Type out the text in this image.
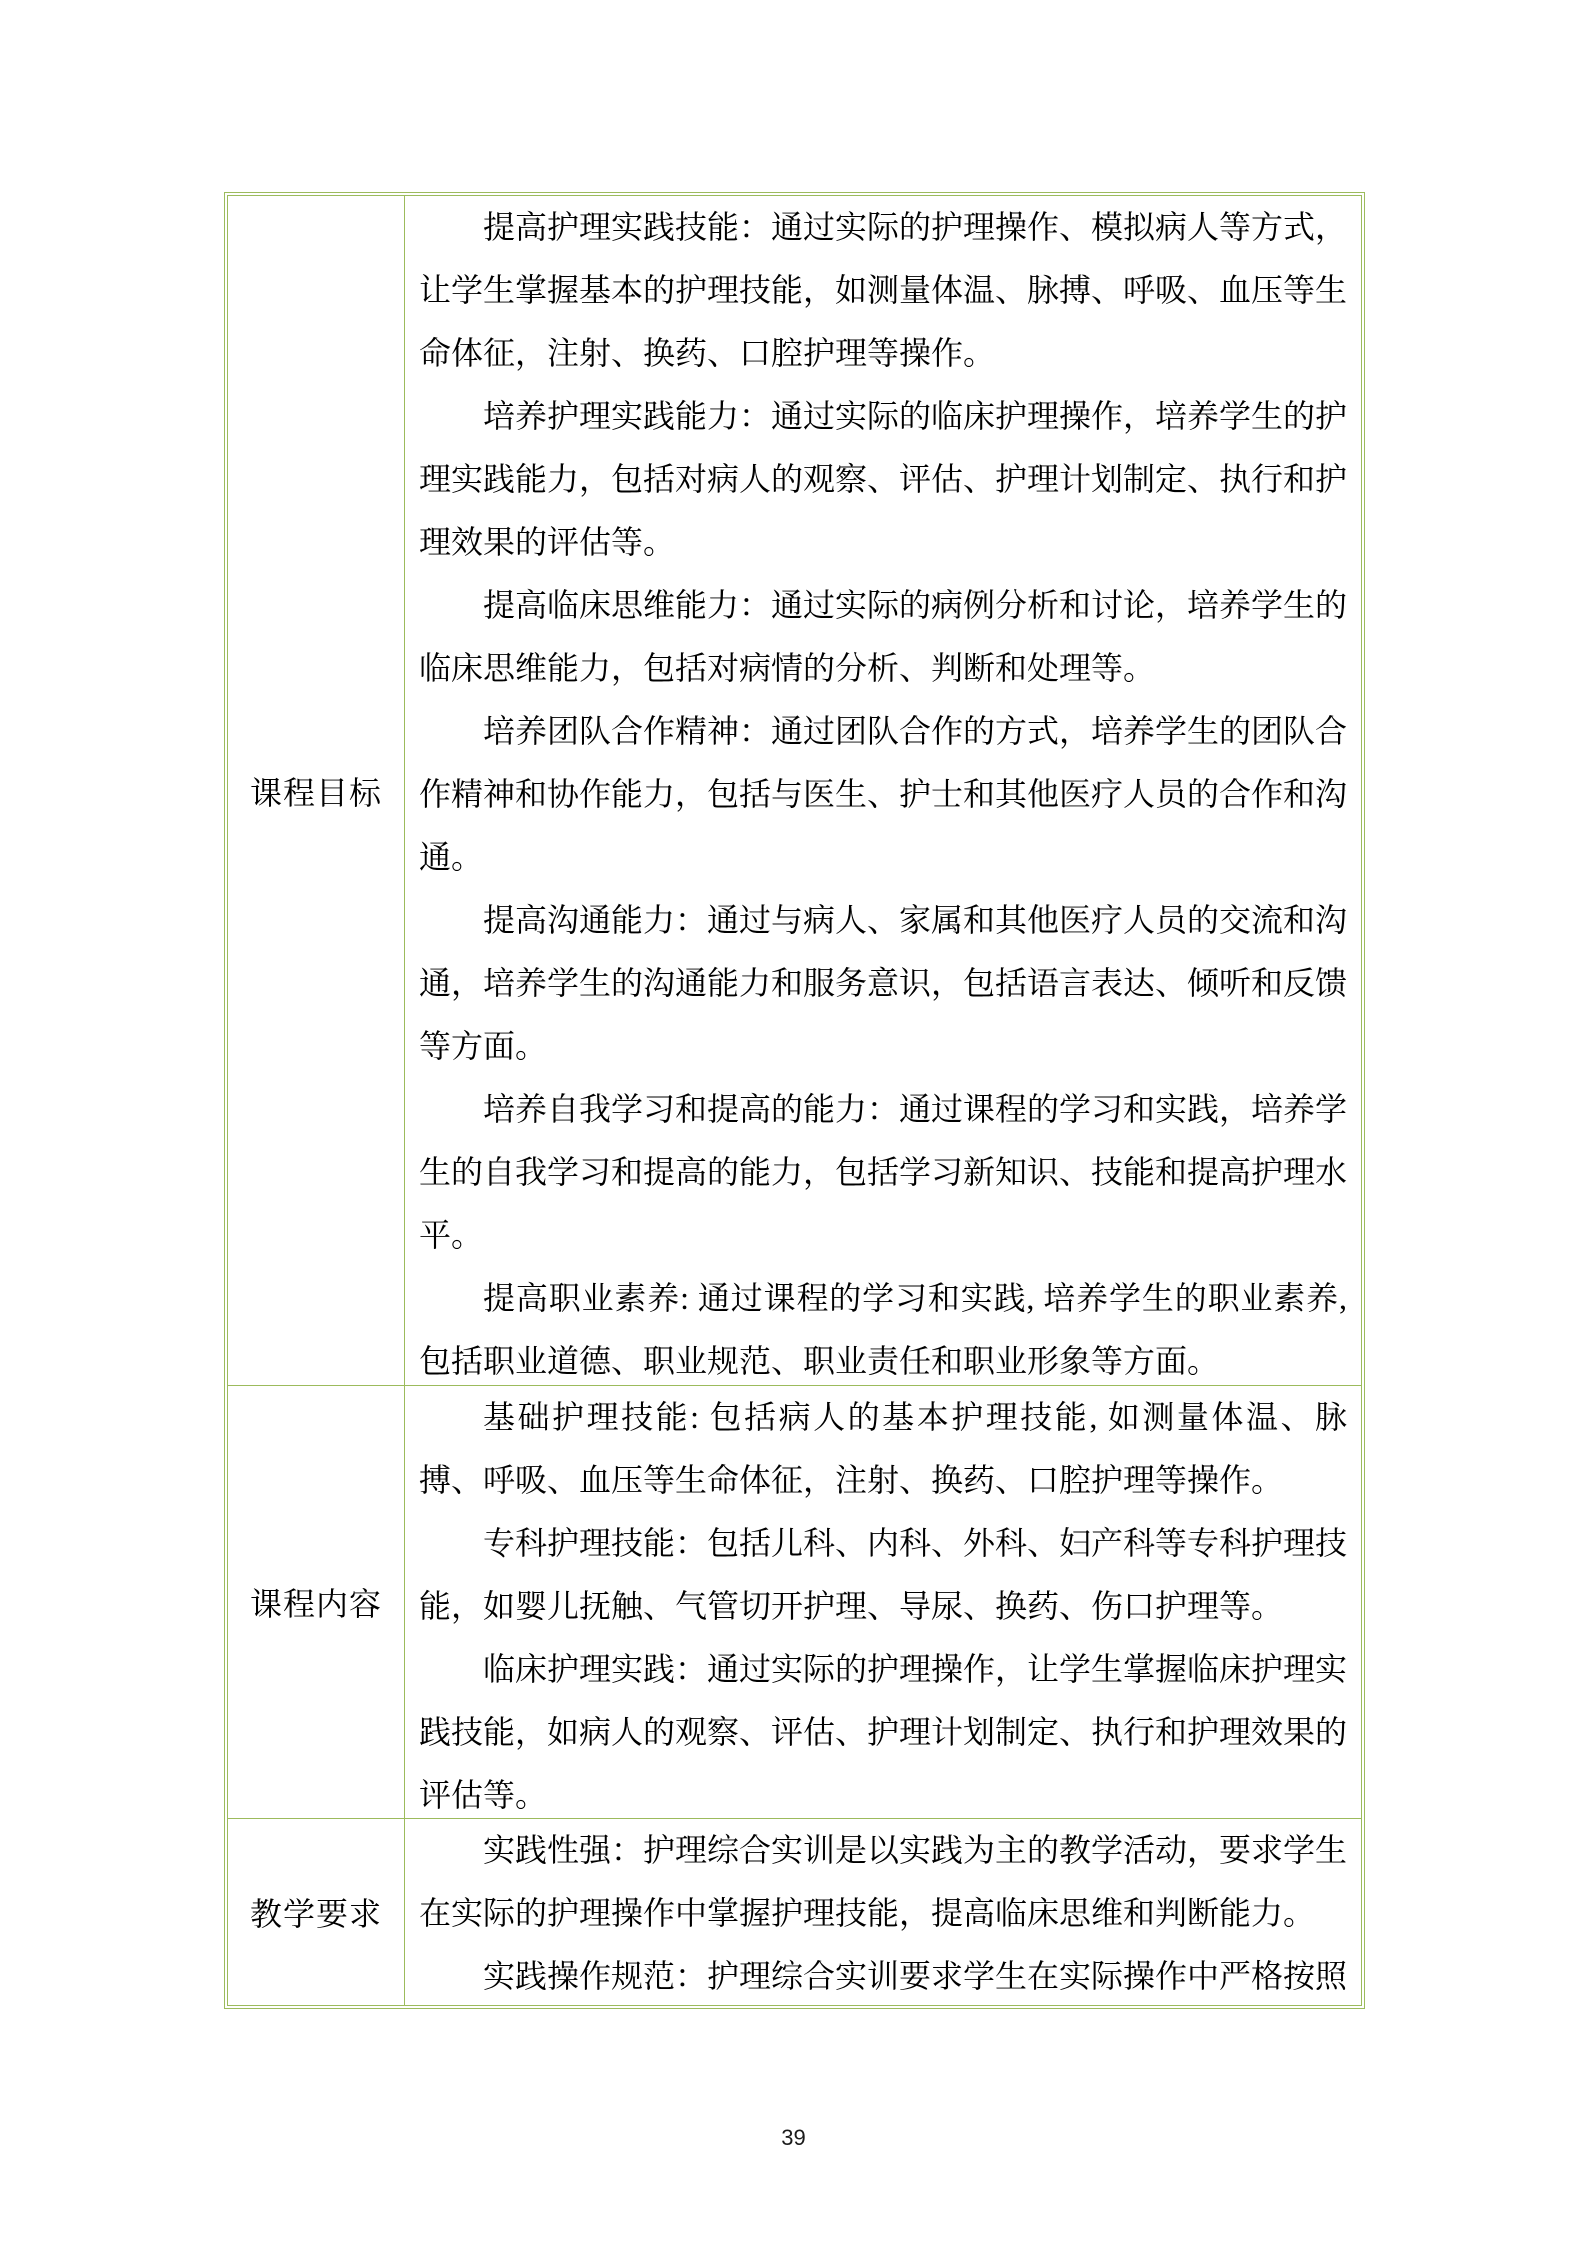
课程目标

提高护理实践技能：通过实际的护理操作、模拟病人等方式，让学生掌握基本的护理技能，如测量体温、脉搏、呼吸、血压等生命体征，注射、换药、口腔护理等操作。

培养护理实践能力：通过实际的临床护理操作，培养学生的护理实践能力，包括对病人的观察、评估、护理计划制定、执行和护理效果的评估等。

提高临床思维能力：通过实际的病例分析和讨论，培养学生的临床思维能力，包括对病情的分析、判断和处理等。

培养团队合作精神：通过团队合作的方式，培养学生的团队合作精神和协作能力，包括与医生、护士和其他医疗人员的合作和沟通。

提高沟通能力：通过与病人、家属和其他医疗人员的交流和沟通，培养学生的沟通能力和服务意识，包括语言表达、倾听和反馈等方面。

培养自我学习和提高的能力：通过课程的学习和实践，培养学生的自我学习和提高的能力，包括学习新知识、技能和提高护理水平。

提高职业素养: 通过课程的学习和实践, 培养学生的职业素养, 包括职业道德、职业规范、职业责任和职业形象等方面。

课程内容

基础护理技能: 包括病人的基本护理技能, 如测量体温、脉搏、呼吸、血压等生命体征，注射、换药、口腔护理等操作。

专科护理技能：包括儿科、内科、外科、妇产科等专科护理技能，如婴儿抚触、气管切开护理、导尿、换药、伤口护理等。

临床护理实践：通过实际的护理操作，让学生掌握临床护理实践技能，如病人的观察、评估、护理计划制定、执行和护理效果的评估等。

教学要求

实践性强：护理综合实训是以实践为主的教学活动，要求学生在实际的护理操作中掌握护理技能，提高临床思维和判断能力。

实践操作规范：护理综合实训要求学生在实际操作中严格按照

39
